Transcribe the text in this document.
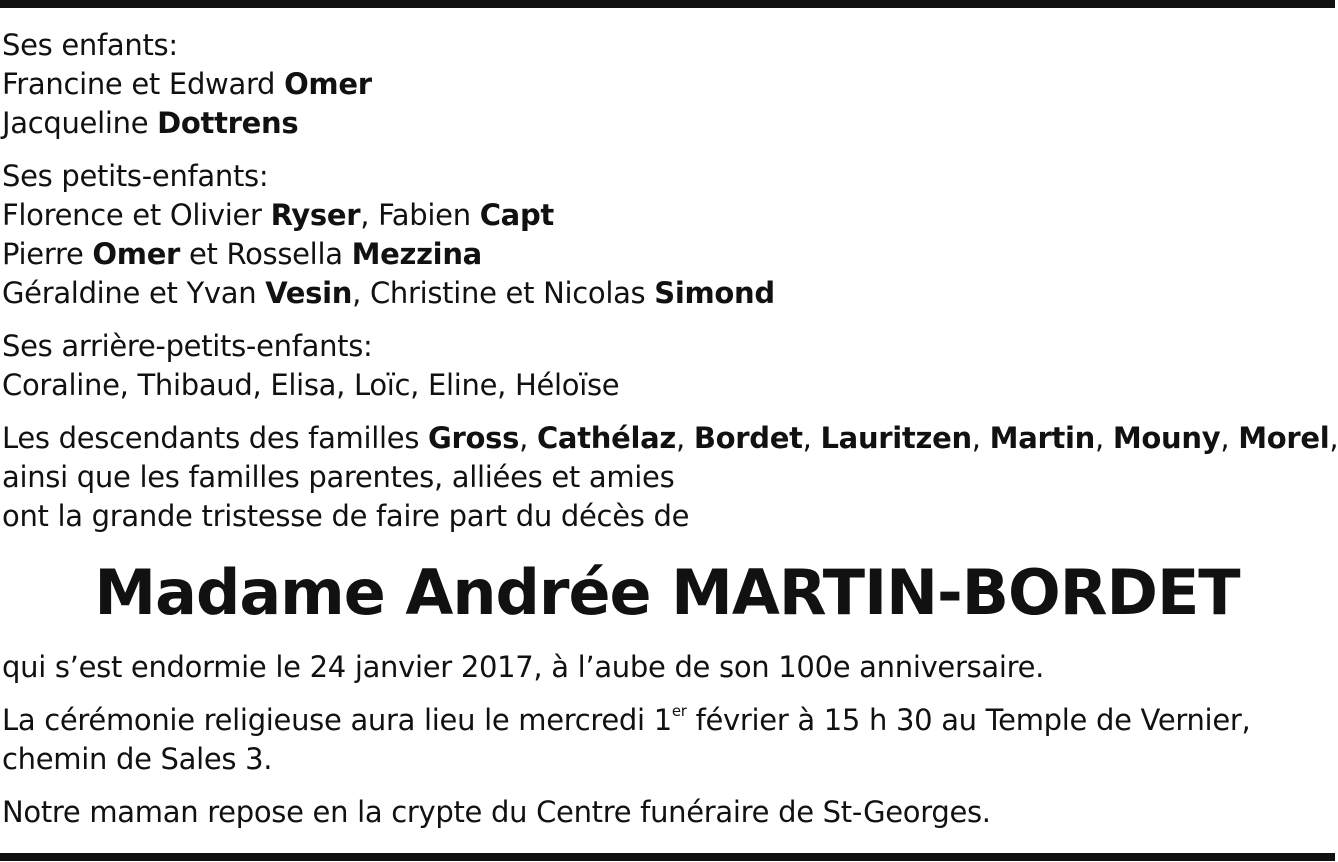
Ses enfants:
Francine et Edward Omer
Jacqueline Dottrens
Ses petits-enfants:
Florence et Olivier Ryser, Fabien Capt
Pierre Omer et Rossella Mezzina
Géraldine et Yvan Vesin, Christine et Nicolas Simond
Ses arrière-petits-enfants:
Coraline, Thibaud, Elisa, Loïc, Eline, Héloïse
Les descendants des familles Gross, Cathélaz, Bordet, Lauritzen, Martin, Mouny, Morel,
ainsi que les familles parentes, alliées et amies
ont la grande tristesse de faire part du décès de
Madame Andrée MARTIN-BORDET
qui s’est endormie le 24 janvier 2017, à l’aube de son 100e anniversaire.
La cérémonie religieuse aura lieu le mercredi 1er février à 15 h 30 au Temple de Vernier,
chemin de Sales 3.
Notre maman repose en la crypte du Centre funéraire de St-Georges.
